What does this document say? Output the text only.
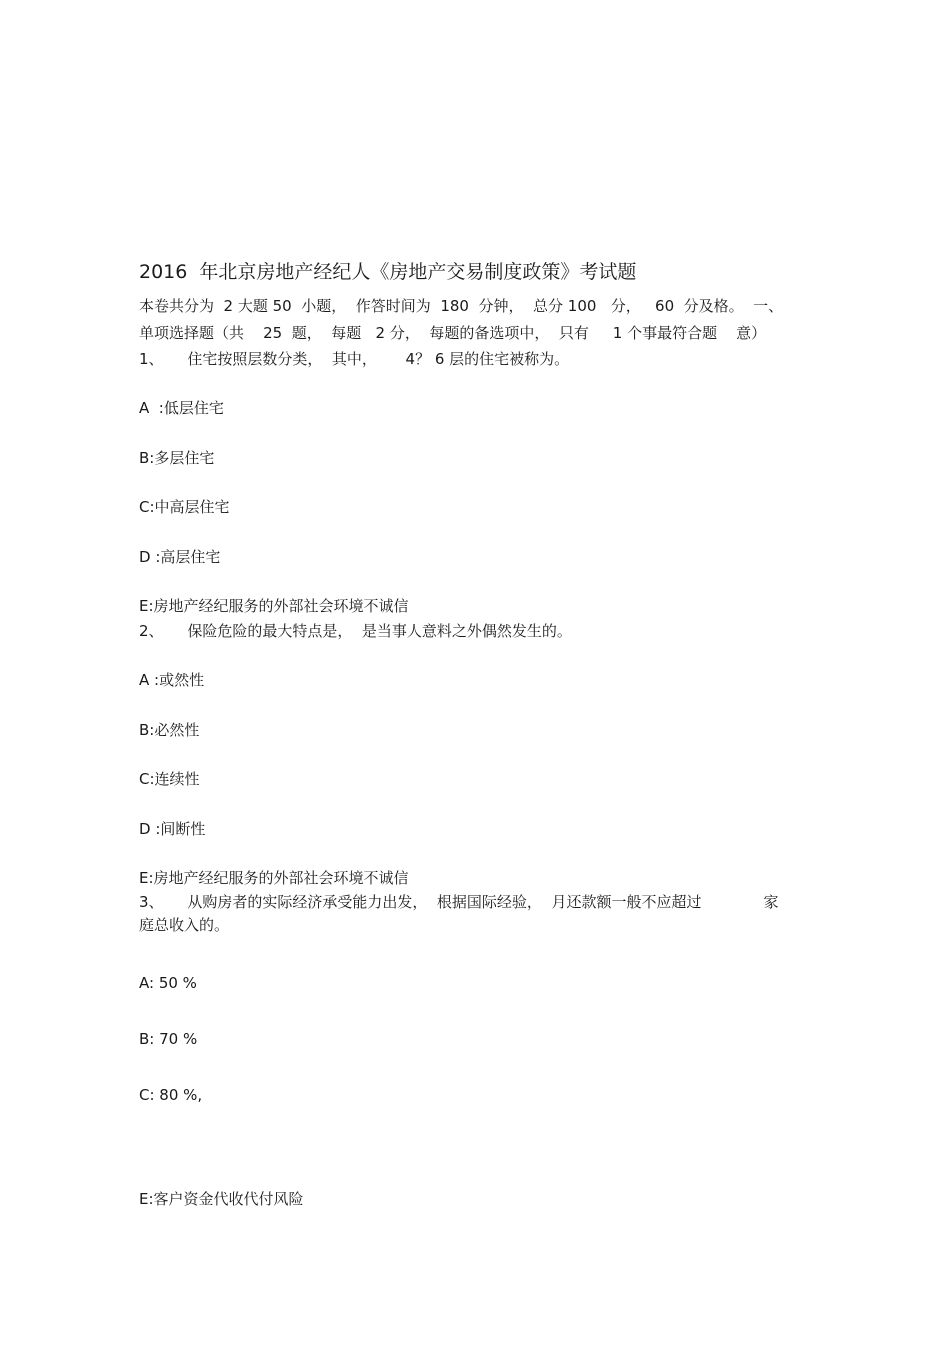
2016  年北京房地产经纪人《房地产交易制度政策》考试题
本卷共分为  2 大题 50  小题，  作答时间为  180  分钟，  总分 100   分，   60  分及格。  一、
单项选择题（共    25  题，  每题   2 分，  每题的备选项中，  只有     1 个事最符合题    意）
1、     住宅按照层数分类，  其中，      4？ 6 层的住宅被称为。
A  :低层住宅
B:多层住宅
C:中高层住宅
D :高层住宅
E:房地产经纪服务的外部社会环境不诚信
2、     保险危险的最大特点是，  是当事人意料之外偶然发生的。
A :或然性
B:必然性
C:连续性
D :间断性
E:房地产经纪服务的外部社会环境不诚信
3、     从购房者的实际经济承受能力出发，  根据国际经验，  月还款额一般不应超过             家
庭总收入的。
A: 50 %
B: 70 %
C: 80 %,
E:客户资金代收代付风险
